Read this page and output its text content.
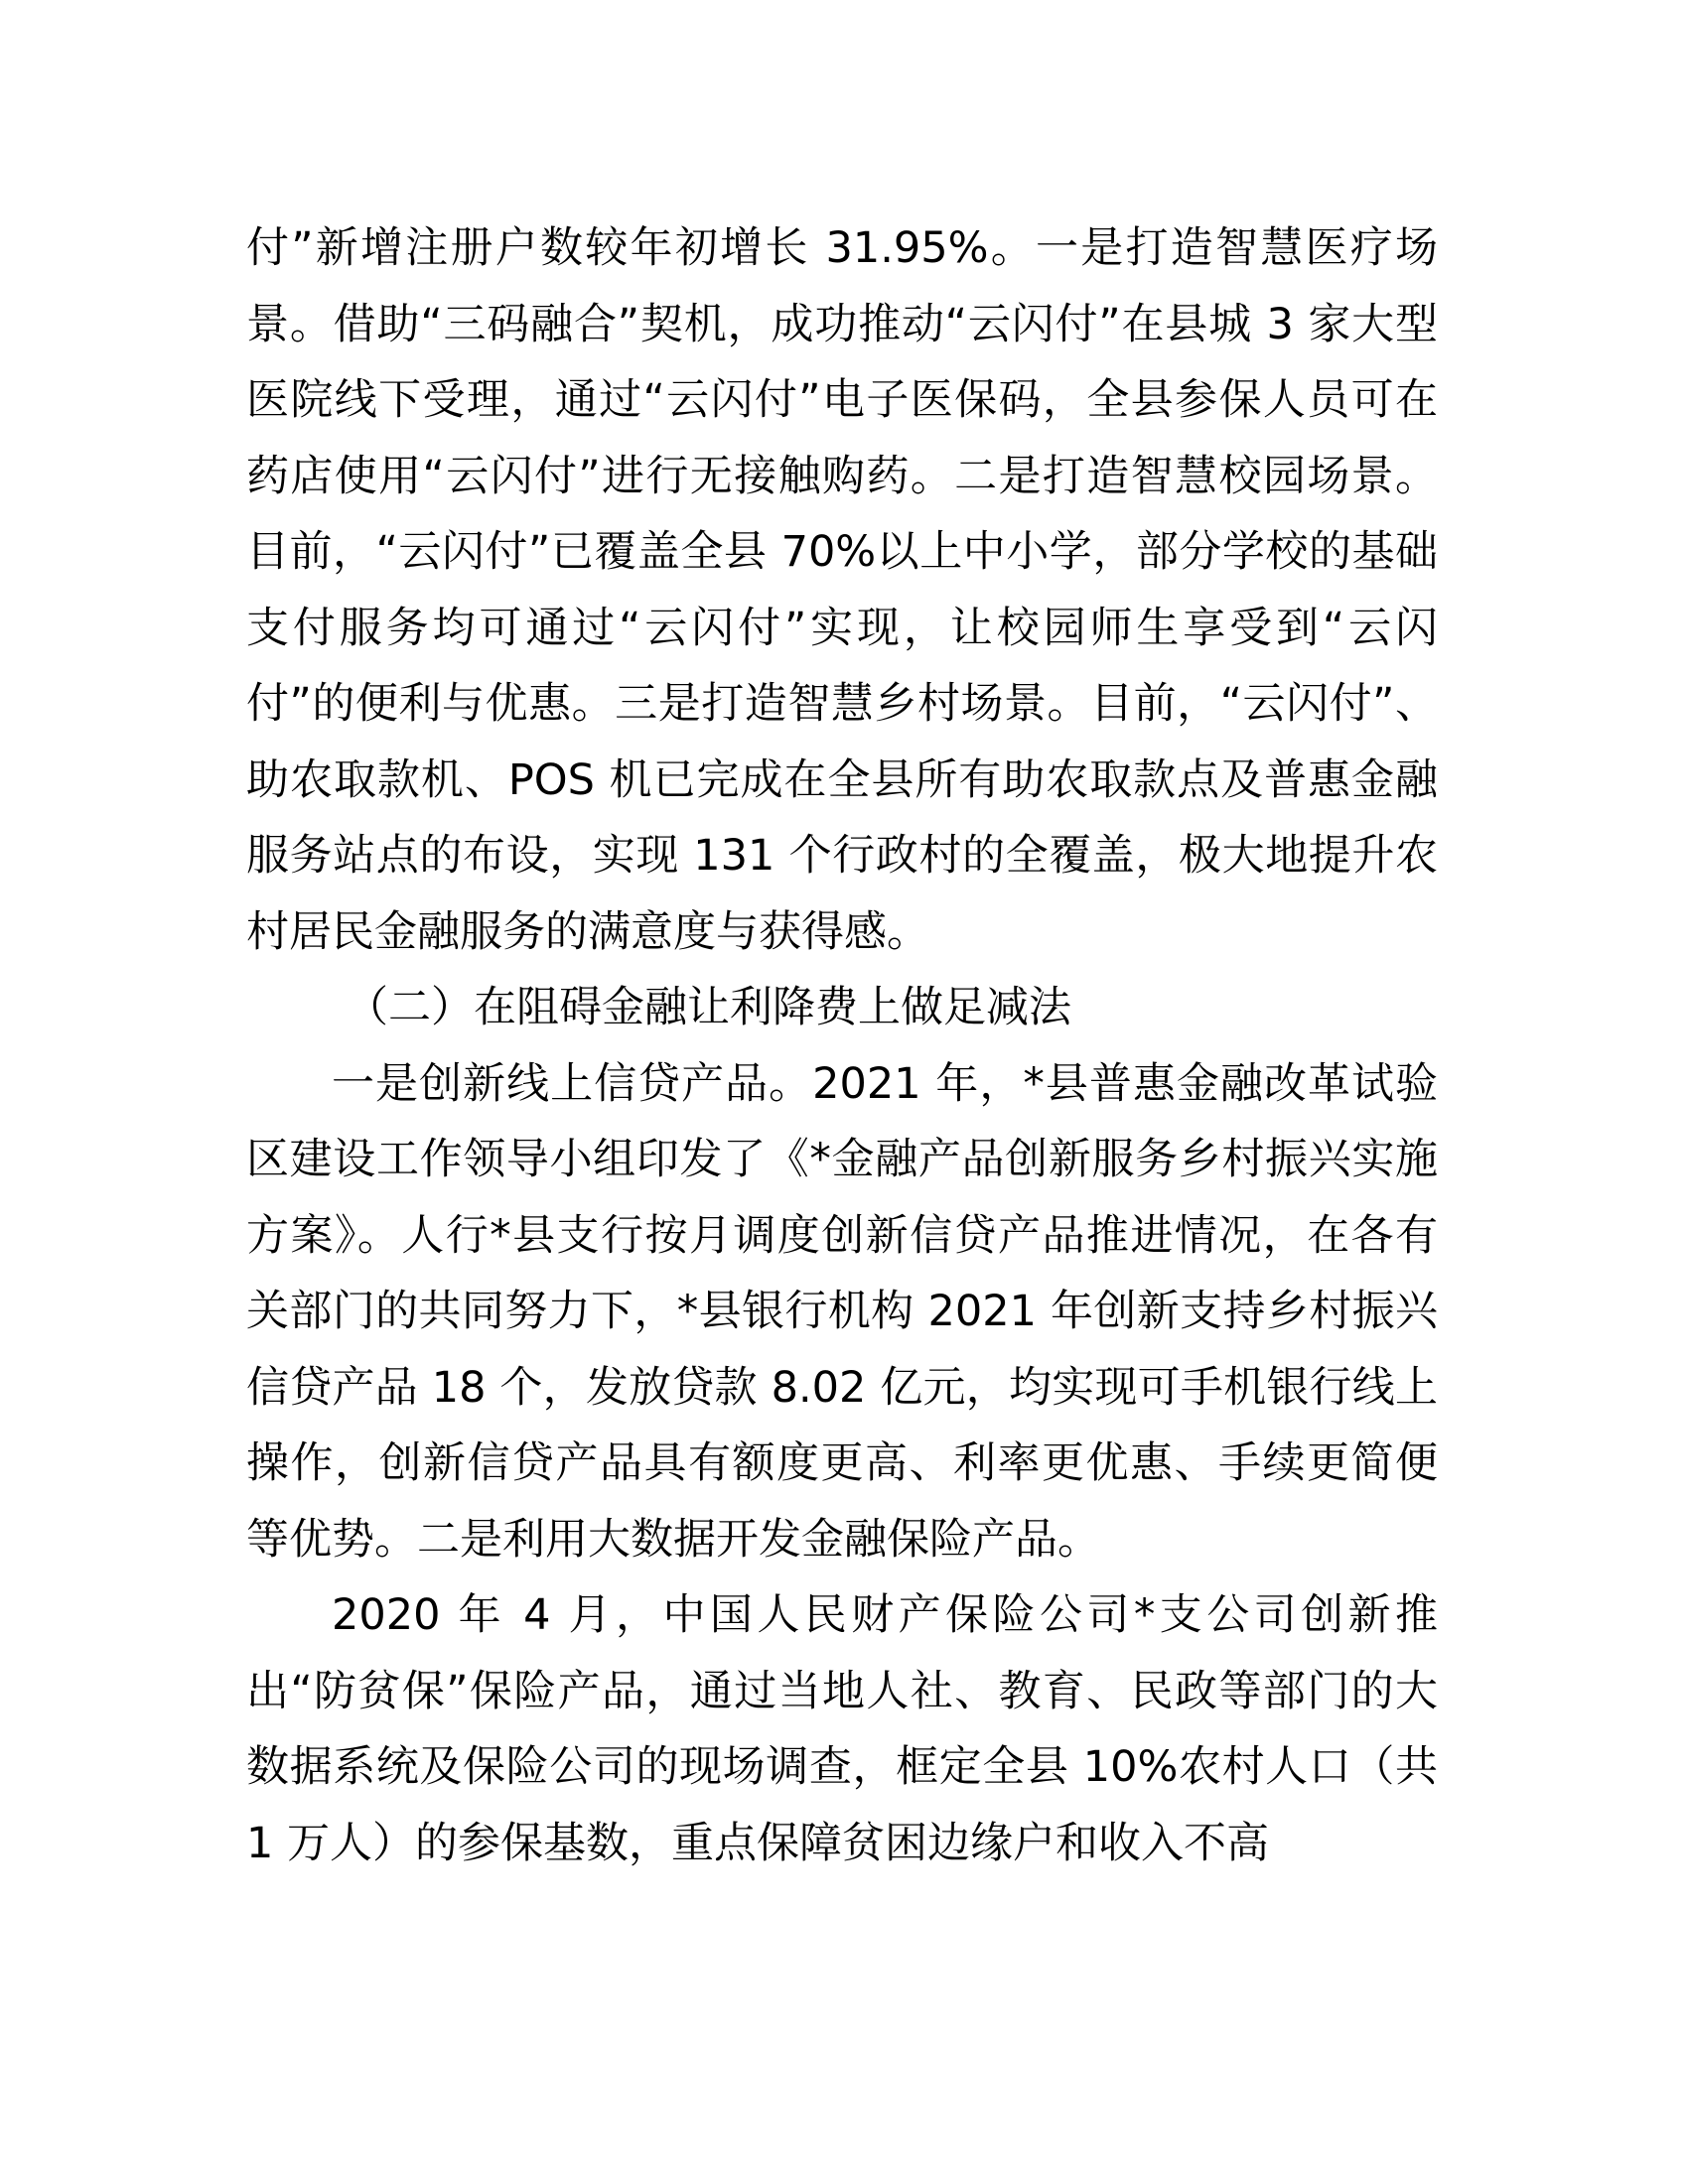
付”新增注册户数较年初增长 31.95%。一是打造智慧医疗场景。借助“三码融合”契机，成功推动“云闪付”在县城 3 家大型医院线下受理，通过“云闪付”电子医保码，全县参保人员可在药店使用“云闪付”进行无接触购药。二是打造智慧校园场景。目前，“云闪付”已覆盖全县 70%以上中小学，部分学校的基础支付服务均可通过“云闪付”实现，让校园师生享受到“云闪付”的便利与优惠。三是打造智慧乡村场景。目前，“云闪付”、助农取款机、POS 机已完成在全县所有助农取款点及普惠金融服务站点的布设，实现 131 个行政村的全覆盖，极大地提升农村居民金融服务的满意度与获得感。

（二）在阻碍金融让利降费上做足减法

一是创新线上信贷产品。2021 年，*县普惠金融改革试验区建设工作领导小组印发了《*金融产品创新服务乡村振兴实施方案》。人行*县支行按月调度创新信贷产品推进情况，在各有关部门的共同努力下，*县银行机构 2021 年创新支持乡村振兴信贷产品 18 个，发放贷款 8.02 亿元，均实现可手机银行线上操作，创新信贷产品具有额度更高、利率更优惠、手续更简便等优势。二是利用大数据开发金融保险产品。

2020 年 4 月，中国人民财产保险公司*支公司创新推出“防贫保”保险产品，通过当地人社、教育、民政等部门的大数据系统及保险公司的现场调查，框定全县 10%农村人口（共 1 万人）的参保基数，重点保障贫困边缘户和收入不高
